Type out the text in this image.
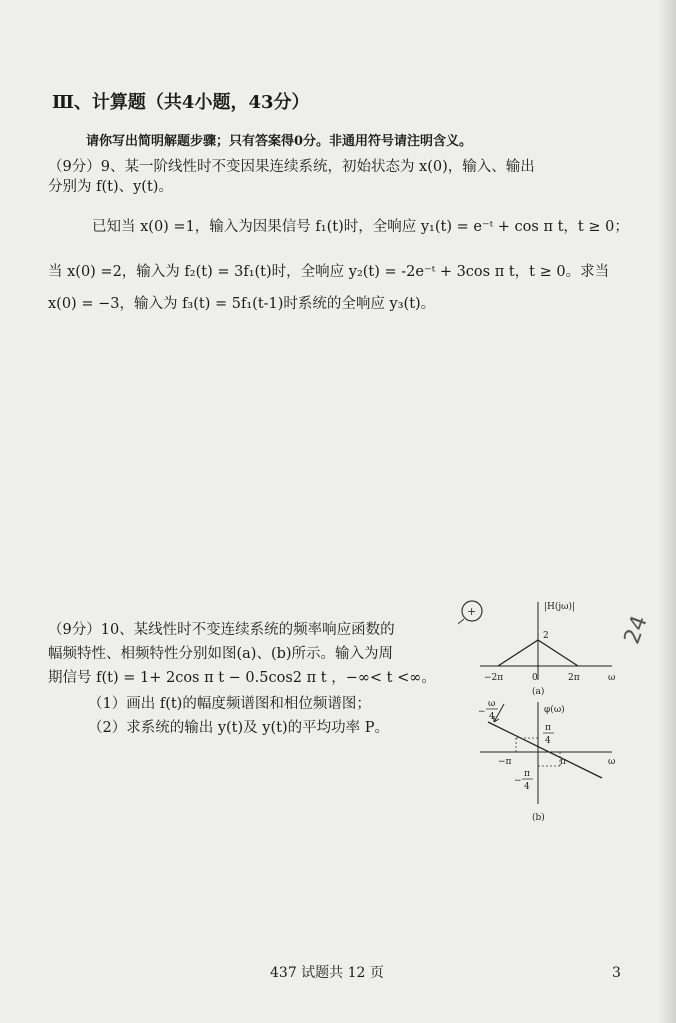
Ⅲ、计算题（共4小题，43分）
请你写出简明解题步骤；只有答案得0分。非通用符号请注明含义。
（9分）9、某一阶线性时不变因果连续系统，初始状态为 x(0)，输入、输出
分别为 f(t)、y(t)。
已知当 x(0) =1，输入为因果信号 f₁(t)时，全响应 y₁(t) = e⁻ᵗ + cos π t，t ≥ 0；
当 x(0) =2，输入为 f₂(t) = 3f₁(t)时，全响应 y₂(t) = -2e⁻ᵗ + 3cos π t，t ≥ 0。求当
x(0) = −3，输入为 f₃(t) = 5f₁(t-1)时系统的全响应 y₃(t)。
（9分）10、某线性时不变连续系统的频率响应函数的
幅频特性、相频特性分别如图(a)、(b)所示。输入为周
期信号 f(t) = 1+ 2cos π t − 0.5cos2 π t ，−∞< t <∞。
（1）画出 f(t)的幅度频谱图和相位频谱图；
（2）求系统的输出 y(t)及 y(t)的平均功率 P。
+
24
|H(jω)|
2
−2π	0	2π	ω
(a)
−
ω
4
φ(ω)
π
4
−π	π	ω
−
π
4
(b)
437 试题共 12 页	3
